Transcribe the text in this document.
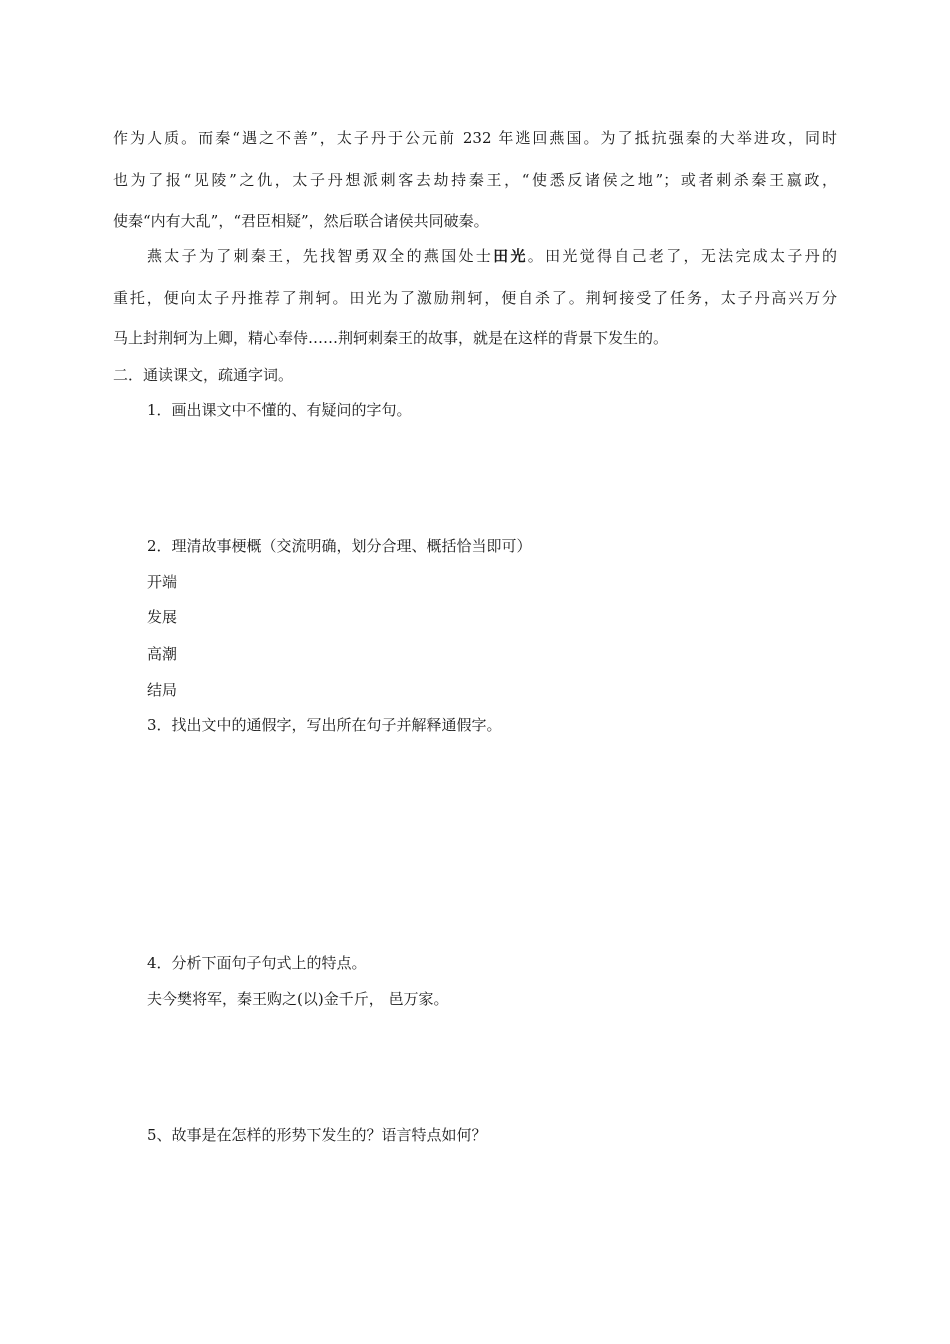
作为人质。而秦“遇之不善”，太子丹于公元前 232 年逃回燕国。为了抵抗强秦的大举进攻，同时
也为了报“见陵”之仇，太子丹想派刺客去劫持秦王，“使悉反诸侯之地”；或者刺杀秦王嬴政，
使秦“内有大乱”，“君臣相疑”，然后联合诸侯共同破秦。
燕太子为了刺秦王，先找智勇双全的燕国处士田光。田光觉得自己老了，无法完成太子丹的
重托，便向太子丹推荐了荆轲。田光为了激励荆轲，便自杀了。荆轲接受了任务，太子丹高兴万分
马上封荆轲为上卿，精心奉侍……荆轲刺秦王的故事，就是在这样的背景下发生的。
二．通读课文，疏通字词。
1．画出课文中不懂的、有疑问的字句。
2．理清故事梗概（交流明确，划分合理、概括恰当即可）
开端
发展
高潮
结局
3．找出文中的通假字，写出所在句子并解释通假字。
4．分析下面句子句式上的特点。
夫今樊将军，秦王购之(以)金千斤， 邑万家。
5、故事是在怎样的形势下发生的？语言特点如何？
